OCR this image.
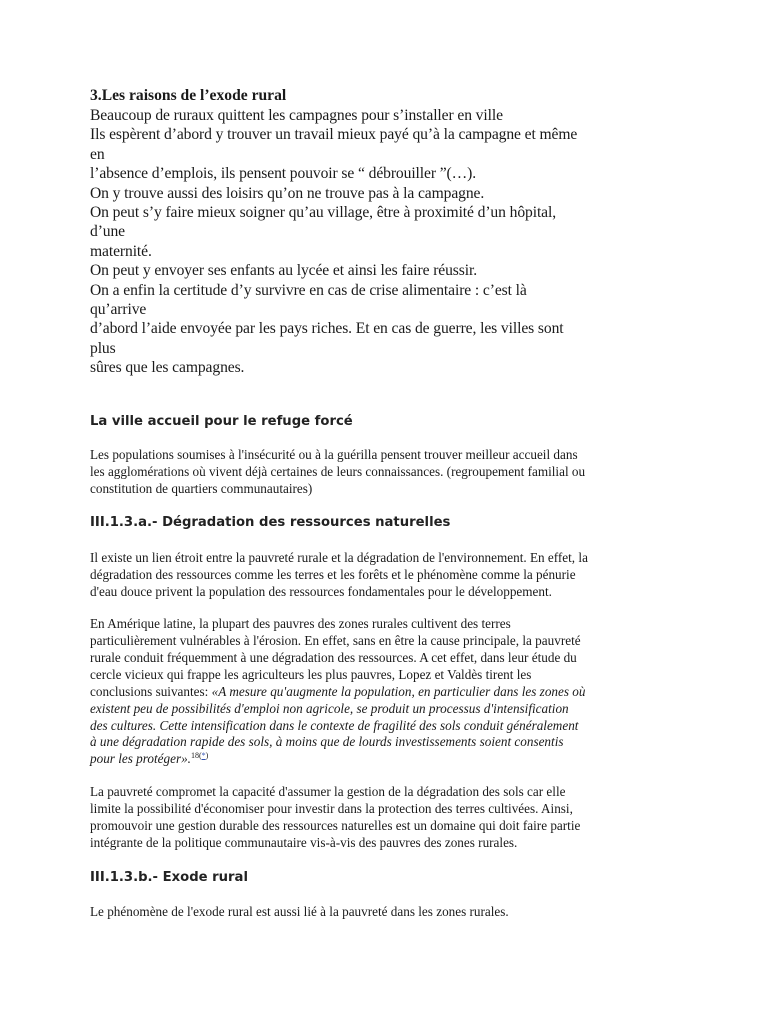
3.Les raisons de l’exode rural
Beaucoup de ruraux quittent les campagnes pour s’installer en ville
Ils espèrent d’abord y trouver un travail mieux payé qu’à la campagne et même
en
l’absence d’emplois, ils pensent pouvoir se “ débrouiller ”(…).
On y trouve aussi des loisirs qu’on ne trouve pas à la campagne.
On peut s’y faire mieux soigner qu’au village, être à proximité d’un hôpital,
d’une
maternité.
On peut y envoyer ses enfants au lycée et ainsi les faire réussir.
On a enfin la certitude d’y survivre en cas de crise alimentaire : c’est là
qu’arrive
d’abord l’aide envoyée par les pays riches. Et en cas de guerre, les villes sont
plus
sûres que les campagnes.
La ville accueil pour le refuge forcé
Les populations soumises à l'insécurité ou à la guérilla pensent trouver meilleur accueil dans
les agglomérations où vivent déjà certaines de leurs connaissances. (regroupement familial ou
constitution de quartiers communautaires)
III.1.3.a.- Dégradation des ressources naturelles
Il existe un lien étroit entre la pauvreté rurale et la dégradation de l'environnement. En effet, la
dégradation des ressources comme les terres et les forêts et le phénomène comme la pénurie
d'eau douce privent la population des ressources fondamentales pour le développement.
En Amérique latine, la plupart des pauvres des zones rurales cultivent des terres
particulièrement vulnérables à l'érosion. En effet, sans en être la cause principale, la pauvreté
rurale conduit fréquemment à une dégradation des ressources. A cet effet, dans leur étude du
cercle vicieux qui frappe les agriculteurs les plus pauvres, Lopez et Valdès tirent les
conclusions suivantes: «A mesure qu'augmente la population, en particulier dans les zones où
existent peu de possibilités d'emploi non agricole, se produit un processus d'intensification
des cultures. Cette intensification dans le contexte de fragilité des sols conduit généralement
à une dégradation rapide des sols, à moins que de lourds investissements soient consentis
pour les protéger».$^{18(*)}$
La pauvreté compromet la capacité d'assumer la gestion de la dégradation des sols car elle
limite la possibilité d'économiser pour investir dans la protection des terres cultivées. Ainsi,
promouvoir une gestion durable des ressources naturelles est un domaine qui doit faire partie
intégrante de la politique communautaire vis-à-vis des pauvres des zones rurales.
III.1.3.b.- Exode rural
Le phénomène de l'exode rural est aussi lié à la pauvreté dans les zones rurales.
